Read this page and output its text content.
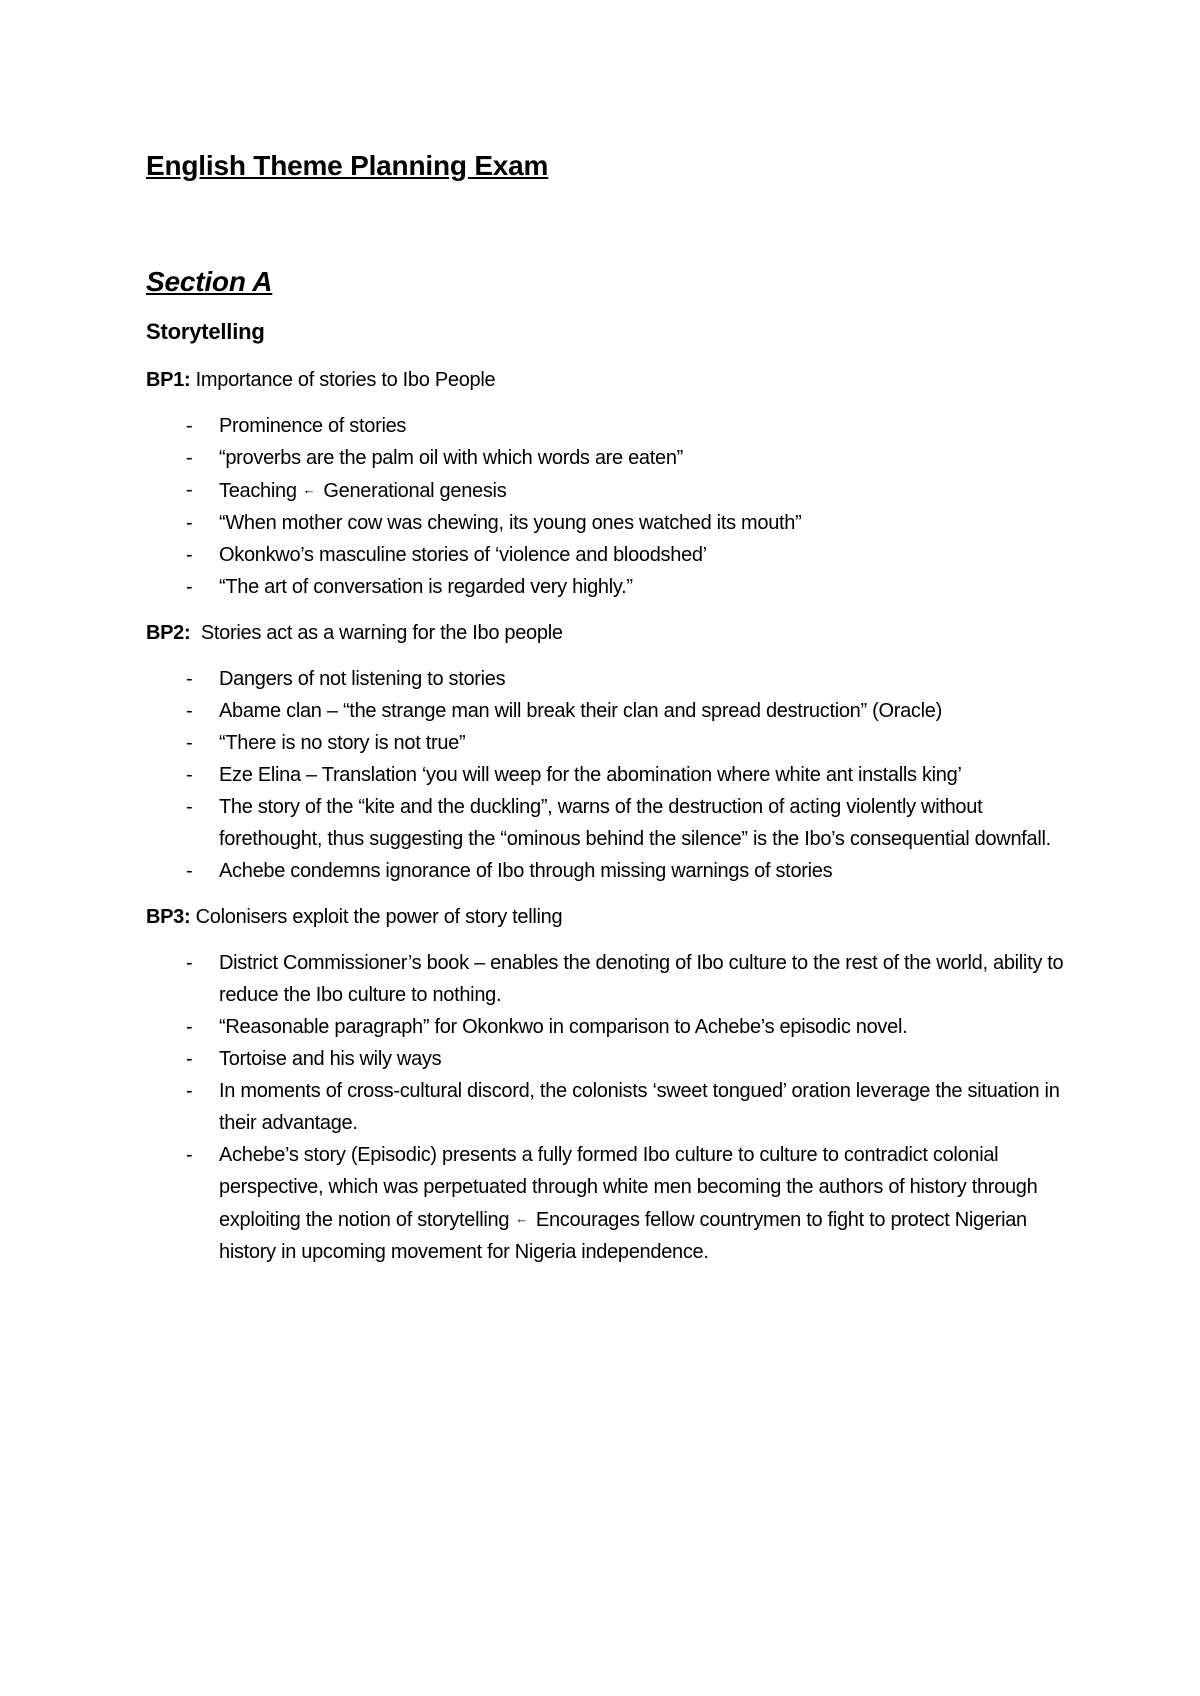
English Theme Planning Exam
Section A
Storytelling

BP1: Importance of stories to Ibo People

- Prominence of stories
- “proverbs are the palm oil with which words are eaten”
- Teaching ← Generational genesis
- “When mother cow was chewing, its young ones watched its mouth”
- Okonkwo’s masculine stories of ‘violence and bloodshed’
- “The art of conversation is regarded very highly.”

BP2:  Stories act as a warning for the Ibo people

- Dangers of not listening to stories
- Abame clan – “the strange man will break their clan and spread destruction” (Oracle)
- “There is no story is not true”
- Eze Elina – Translation ‘you will weep for the abomination where white ant installs king’
- The story of the “kite and the duckling”, warns of the destruction of acting violently without forethought, thus suggesting the “ominous behind the silence” is the Ibo’s consequential downfall.
- Achebe condemns ignorance of Ibo through missing warnings of stories

BP3: Colonisers exploit the power of story telling

- District Commissioner’s book – enables the denoting of Ibo culture to the rest of the world, ability to reduce the Ibo culture to nothing.
- “Reasonable paragraph” for Okonkwo in comparison to Achebe’s episodic novel.
- Tortoise and his wily ways
- In moments of cross-cultural discord, the colonists ‘sweet tongued’ oration leverage the situation in their advantage.
- Achebe’s story (Episodic) presents a fully formed Ibo culture to culture to contradict colonial perspective, which was perpetuated through white men becoming the authors of history through exploiting the notion of storytelling ← Encourages fellow countrymen to fight to protect Nigerian history in upcoming movement for Nigeria independence.
